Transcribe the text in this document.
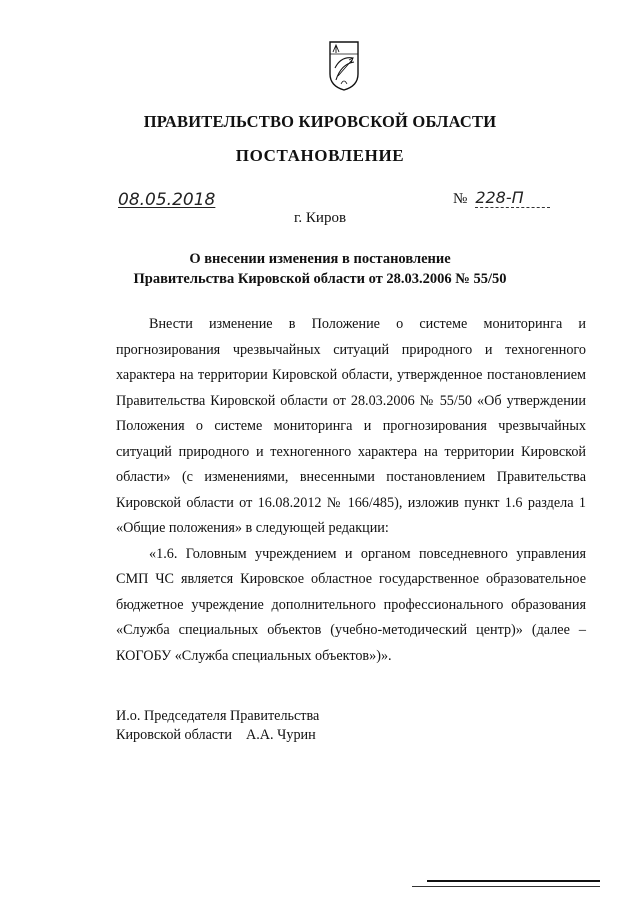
ПРАВИТЕЛЬСТВО КИРОВСКОЙ ОБЛАСТИ
ПОСТАНОВЛЕНИЕ
08.05.2018	№ 228-П
г. Киров
О внесении изменения в постановление
Правительства Кировской области от 28.03.2006 № 55/50

Внести изменение в Положение о системе мониторинга и прогнозирования чрезвычайных ситуаций природного и техногенного характера на территории Кировской области, утвержденное постановлением Правительства Кировской области от 28.03.2006 № 55/50 «Об утверждении Положения о системе мониторинга и прогнозирования чрезвычайных ситуаций природного и техногенного характера на территории Кировской области» (с изменениями, внесенными постановлением Правительства Кировской области от 16.08.2012 № 166/485), изложив пункт 1.6 раздела 1 «Общие положения» в следующей редакции:

«1.6. Головным учреждением и органом повседневного управления СМП ЧС является Кировское областное государственное образовательное бюджетное учреждение дополнительного профессионального образования «Служба специальных объектов (учебно-методический центр)» (далее – КОГОБУ «Служба специальных объектов»)».

И.о. Председателя Правительства
Кировской области А.А. Чурин
